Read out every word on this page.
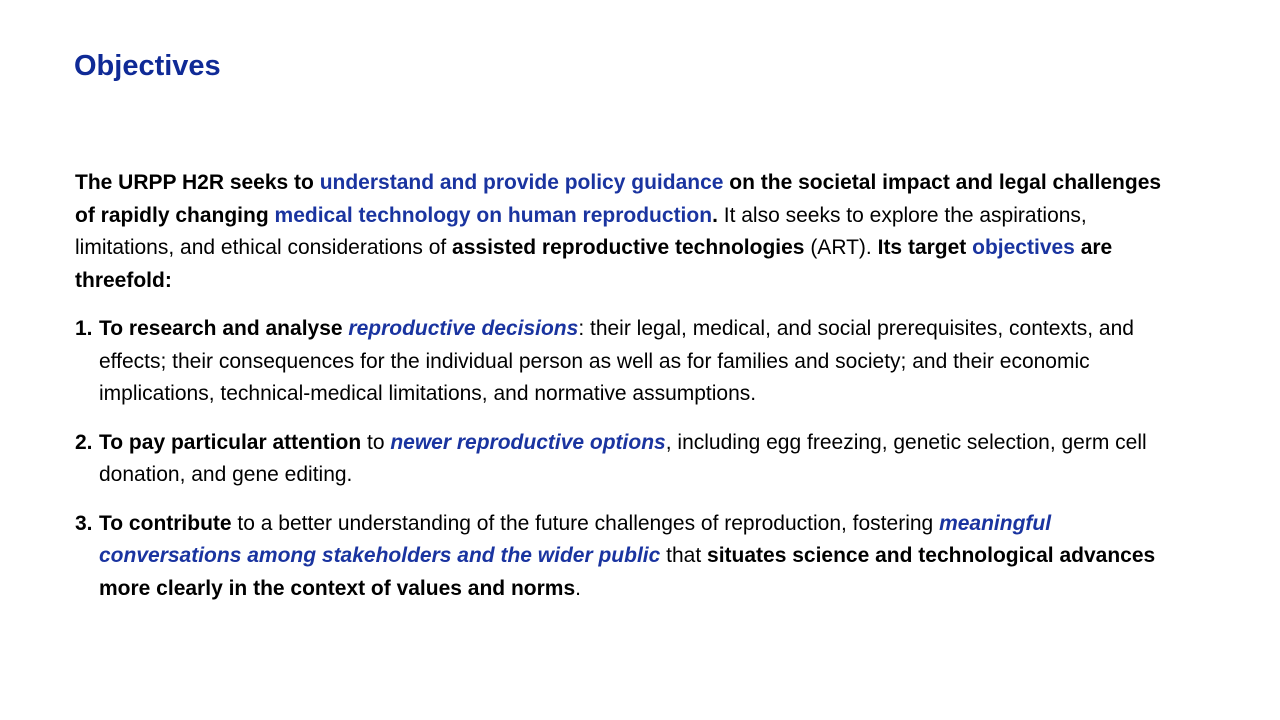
Objectives

The URPP H2R seeks to understand and provide policy guidance on the societal impact and legal challenges of rapidly changing medical technology on human reproduction. It also seeks to explore the aspirations, limitations, and ethical considerations of assisted reproductive technologies (ART). Its target objectives are threefold:

1. To research and analyse reproductive decisions: their legal, medical, and social prerequisites, contexts, and effects; their consequences for the individual person as well as for families and society; and their economic implications, technical-medical limitations, and normative assumptions.

2. To pay particular attention to newer reproductive options, including egg freezing, genetic selection, germ cell donation, and gene editing.

3. To contribute to a better understanding of the future challenges of reproduction, fostering meaningful conversations among stakeholders and the wider public that situates science and technological advances more clearly in the context of values and norms.
